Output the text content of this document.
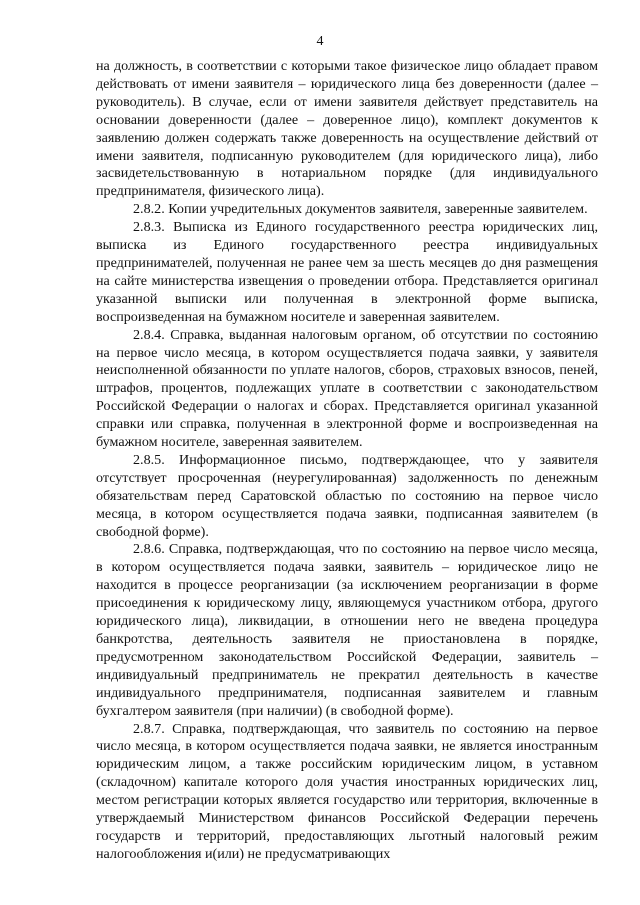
4

на должность, в соответствии с которыми такое физическое лицо обладает правом действовать от имени заявителя – юридического лица без доверенности (далее – руководитель). В случае, если от имени заявителя действует представитель на основании доверенности (далее – доверенное лицо), комплект документов к заявлению должен содержать также доверенность на осуществление действий от имени заявителя, подписанную руководителем (для юридического лица), либо засвидетельствованную в нотариальном порядке (для индивидуального предпринимателя, физического лица).

2.8.2. Копии учредительных документов заявителя, заверенные заявителем.

2.8.3. Выписка из Единого государственного реестра юридических лиц, выписка из Единого государственного реестра индивидуальных предпринимателей, полученная не ранее чем за шесть месяцев до дня размещения на сайте министерства извещения о проведении отбора. Представляется оригинал указанной выписки или полученная в электронной форме выписка, воспроизведенная на бумажном носителе и заверенная заявителем.

2.8.4. Справка, выданная налоговым органом, об отсутствии по состоянию на первое число месяца, в котором осуществляется подача заявки, у заявителя неисполненной обязанности по уплате налогов, сборов, страховых взносов, пеней, штрафов, процентов, подлежащих уплате в соответствии с законодательством Российской Федерации о налогах и сборах. Представляется оригинал указанной справки или справка, полученная в электронной форме и воспроизведенная на бумажном носителе, заверенная заявителем.

2.8.5. Информационное письмо, подтверждающее, что у заявителя отсутствует просроченная (неурегулированная) задолженность по денежным обязательствам перед Саратовской областью по состоянию на первое число месяца, в котором осуществляется подача заявки, подписанная заявителем (в свободной форме).

2.8.6. Справка, подтверждающая, что по состоянию на первое число месяца, в котором осуществляется подача заявки, заявитель – юридическое лицо не находится в процессе реорганизации (за исключением реорганизации в форме присоединения к юридическому лицу, являющемуся участником отбора, другого юридического лица), ликвидации, в отношении него не введена процедура банкротства, деятельность заявителя не приостановлена в порядке, предусмотренном законодательством Российской Федерации, заявитель – индивидуальный предприниматель не прекратил деятельность в качестве индивидуального предпринимателя, подписанная заявителем и главным бухгалтером заявителя (при наличии) (в свободной форме).

2.8.7. Справка, подтверждающая, что заявитель по состоянию на первое число месяца, в котором осуществляется подача заявки, не является иностранным юридическим лицом, а также российским юридическим лицом, в уставном (складочном) капитале которого доля участия иностранных юридических лиц, местом регистрации которых является государство или территория, включенные в утверждаемый Министерством финансов Российской Федерации перечень государств и территорий, предоставляющих льготный налоговый режим налогообложения и(или) не предусматривающих
